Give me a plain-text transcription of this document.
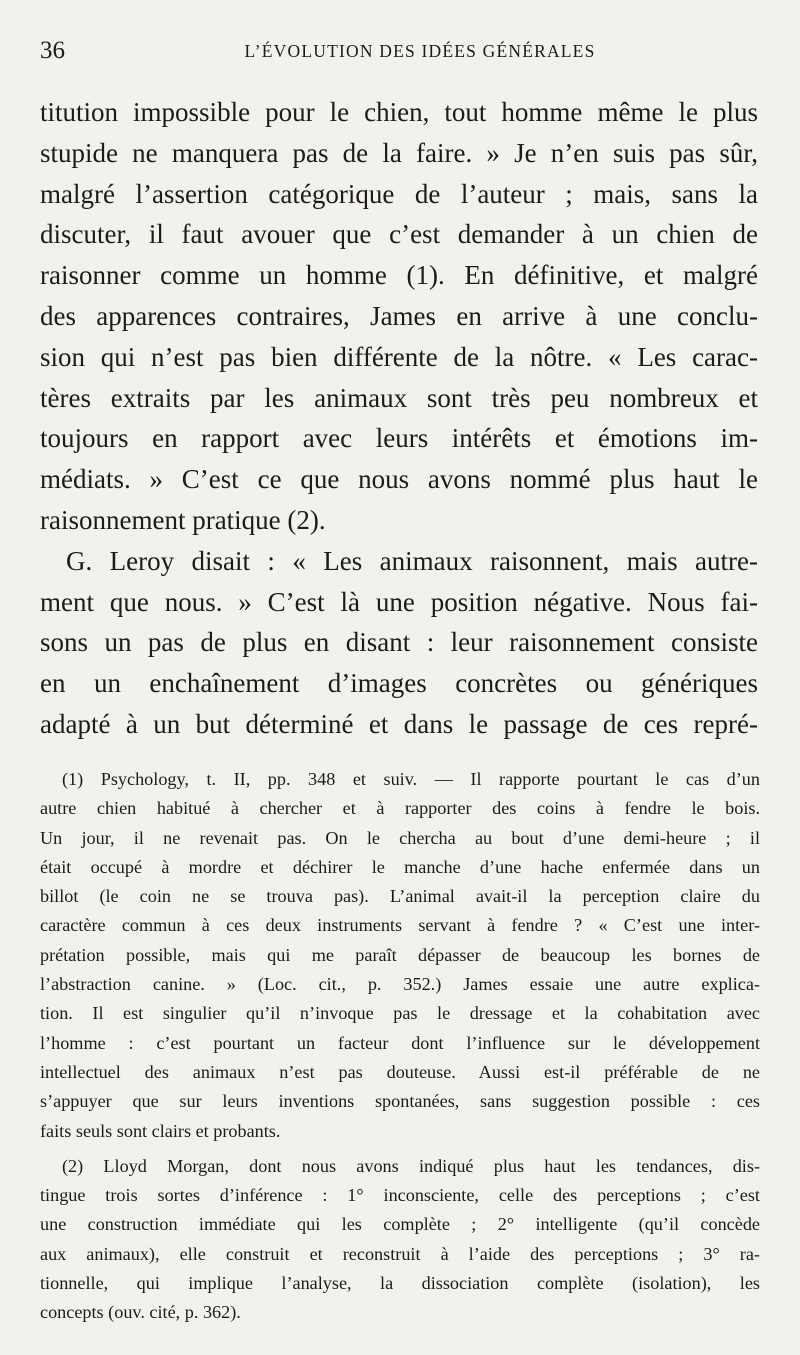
36	L’ÉVOLUTION DES IDÉES GÉNÉRALES
titution impossible pour le chien, tout homme même le plus
stupide ne manquera pas de la faire. » Je n’en suis pas sûr,
malgré l’assertion catégorique de l’auteur ; mais, sans la
discuter, il faut avouer que c’est demander à un chien de
raisonner comme un homme (1). En définitive, et malgré
des apparences contraires, James en arrive à une conclu-
sion qui n’est pas bien différente de la nôtre. « Les carac-
tères extraits par les animaux sont très peu nombreux et
toujours en rapport avec leurs intérêts et émotions im-
médiats. » C’est ce que nous avons nommé plus haut le
raisonnement pratique (2).
G. Leroy disait : « Les animaux raisonnent, mais autre-
ment que nous. » C’est là une position négative. Nous fai-
sons un pas de plus en disant : leur raisonnement consiste
en un enchaînement d’images concrètes ou génériques
adapté à un but déterminé et dans le passage de ces repré-
(1) Psychology, t. II, pp. 348 et suiv. — Il rapporte pourtant le cas d’un
autre chien habitué à chercher et à rapporter des coins à fendre le bois.
Un jour, il ne revenait pas. On le chercha au bout d’une demi-heure ; il
était occupé à mordre et déchirer le manche d’une hache enfermée dans un
billot (le coin ne se trouva pas). L’animal avait-il la perception claire du
caractère commun à ces deux instruments servant à fendre ? « C’est une inter-
prétation possible, mais qui me paraît dépasser de beaucoup les bornes de
l’abstraction canine. » (Loc. cit., p. 352.) James essaie une autre explica-
tion. Il est singulier qu’il n’invoque pas le dressage et la cohabitation avec
l’homme : c’est pourtant un facteur dont l’influence sur le développement
intellectuel des animaux n’est pas douteuse. Aussi est-il préférable de ne
s’appuyer que sur leurs inventions spontanées, sans suggestion possible : ces
faits seuls sont clairs et probants.
(2) Lloyd Morgan, dont nous avons indiqué plus haut les tendances, dis-
tingue trois sortes d’inférence : 1° inconsciente, celle des perceptions ; c’est
une construction immédiate qui les complète ; 2° intelligente (qu’il concède
aux animaux), elle construit et reconstruit à l’aide des perceptions ; 3° ra-
tionnelle, qui implique l’analyse, la dissociation complète (isolation), les
concepts (ouv. cité, p. 362).
